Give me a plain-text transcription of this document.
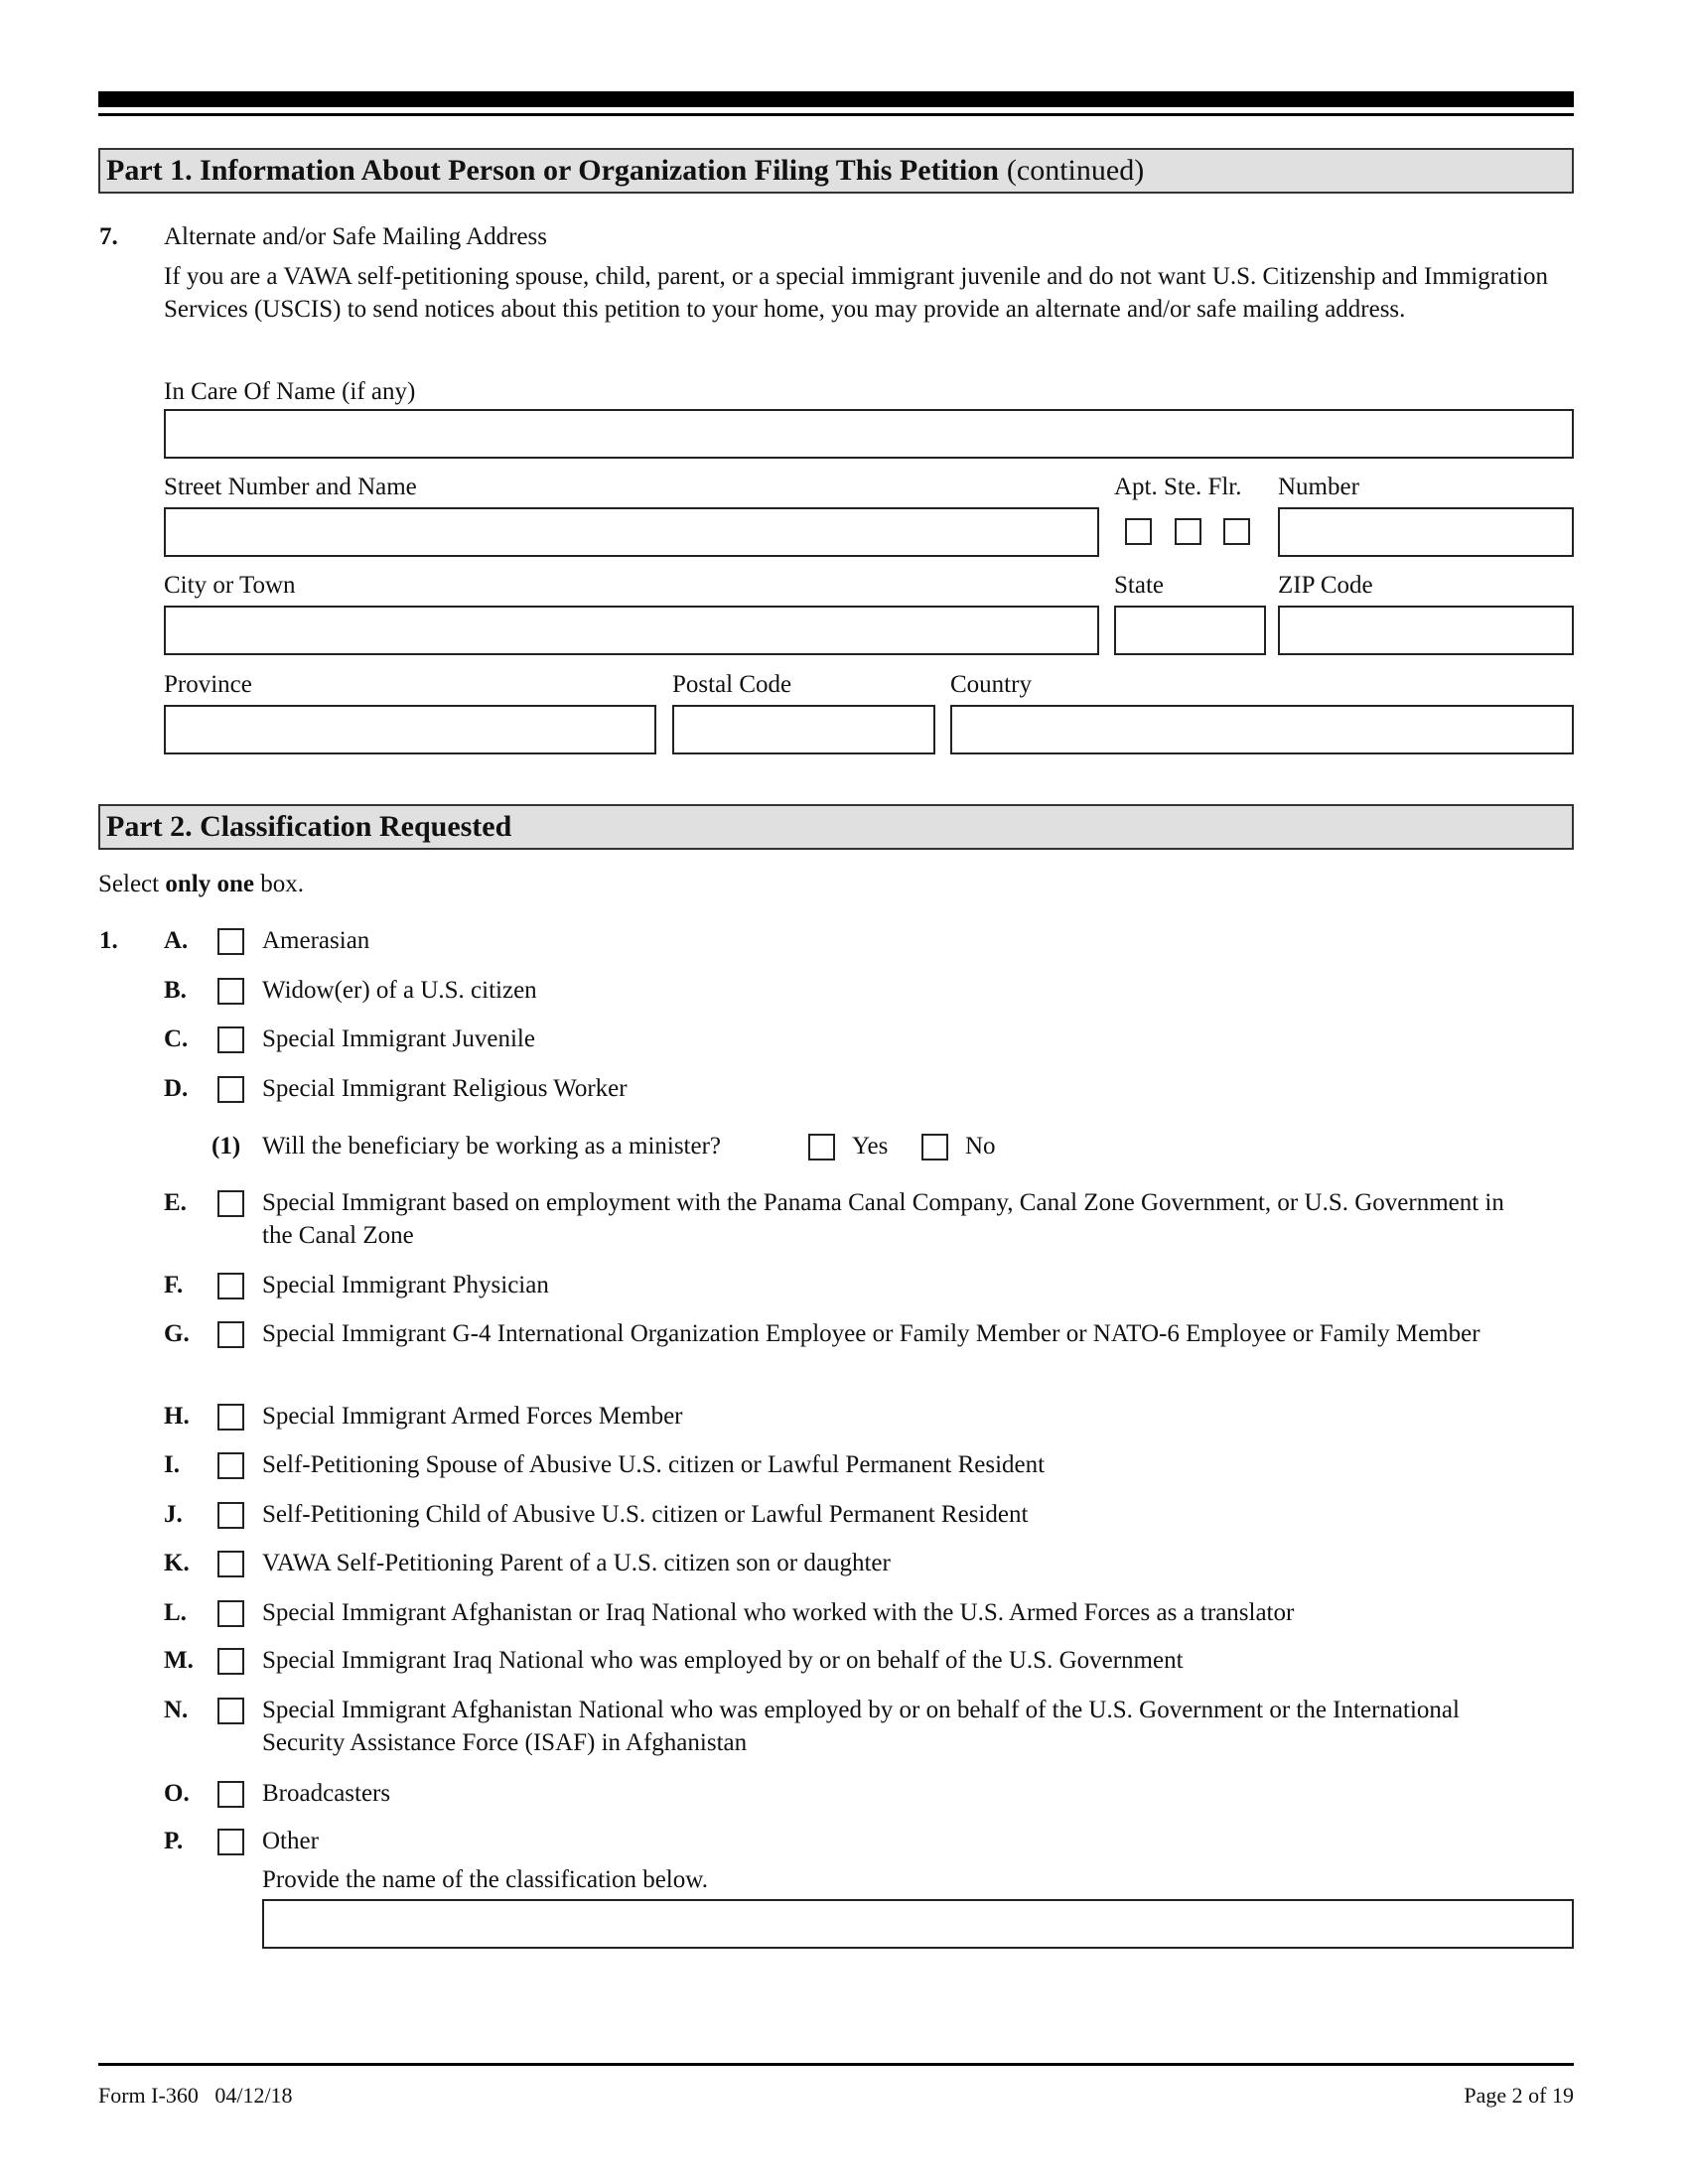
Part 1. Information About Person or Organization Filing This Petition (continued)
7. Alternate and/or Safe Mailing Address
If you are a VAWA self-petitioning spouse, child, parent, or a special immigrant juvenile and do not want U.S. Citizenship and Immigration Services (USCIS) to send notices about this petition to your home, you may provide an alternate and/or safe mailing address.
In Care Of Name (if any)
Street Number and Name	Apt. Ste. Flr. Number
City or Town	State	ZIP Code
Province	Postal Code	Country
Part 2. Classification Requested
Select only one box.
1. A.	Amerasian
B.	Widow(er) of a U.S. citizen
C.	Special Immigrant Juvenile
D.	Special Immigrant Religious Worker
(1) Will the beneficiary be working as a minister?	Yes	No
E.	Special Immigrant based on employment with the Panama Canal Company, Canal Zone Government, or U.S. Government in the Canal Zone
F.	Special Immigrant Physician
G.	Special Immigrant G-4 International Organization Employee or Family Member or NATO-6 Employee or Family Member
H.	Special Immigrant Armed Forces Member
I.	Self-Petitioning Spouse of Abusive U.S. citizen or Lawful Permanent Resident
J.	Self-Petitioning Child of Abusive U.S. citizen or Lawful Permanent Resident
K.	VAWA Self-Petitioning Parent of a U.S. citizen son or daughter
L.	Special Immigrant Afghanistan or Iraq National who worked with the U.S. Armed Forces as a translator
M.	Special Immigrant Iraq National who was employed by or on behalf of the U.S. Government
N.	Special Immigrant Afghanistan National who was employed by or on behalf of the U.S. Government or the International Security Assistance Force (ISAF) in Afghanistan
O.	Broadcasters
P.	Other
Provide the name of the classification below.
Form I-360   04/12/18	Page 2 of 19
